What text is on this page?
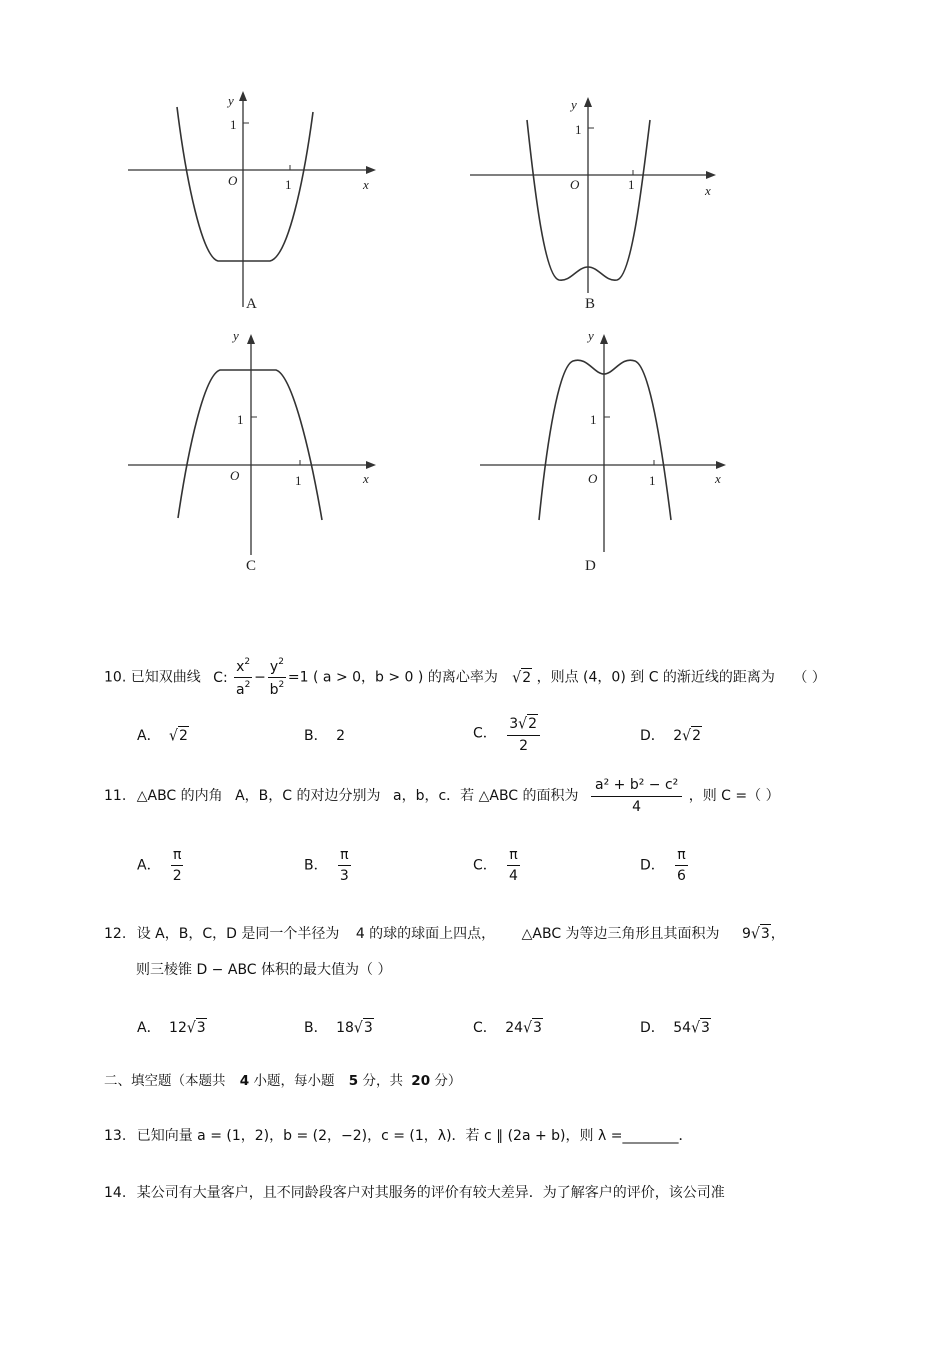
y
1
O	1	x
A
y
1
O	1	x
B
y
1
O	1	x
C
y
1
O	1	x
D
10. 已知双曲线 C: $\frac{x^2}{a^2} - \frac{y^2}{b^2} =1$ ( a > 0，b > 0 ) 的离心率为 √2 ，则点 (4，0) 到 C 的渐近线的距离为 （ ）
A． √2	B． 2	C． $\frac{3√2}{2}$	D． 2√2
11. △ABC 的内角 A，B，C 的对边分别为 a，b，c．若 △ABC 的面积为 $\frac{\text{a² + b² − c²}}{4}$ ，则 C =（ ）
A． $\frac{\pi}{2}$	B． $\frac{\pi}{3}$	C． $\frac{\pi}{4}$	D． $\frac{\pi}{6}$
12. 设 A，B，C，D 是同一个半径为 4 的球的球面上四点， △ABC 为等边三角形且其面积为 9√3，
则三棱锥 D − ABC 体积的最大值为（ ）
A． 12√3	B． 18√3	C． 24√3	D． 54√3
二、填空题（本题共 4 小题，每小题 5 分，共 20 分）
13. 已知向量 a = (1，2)，b = (2，−2)，c = (1，λ)．若 c ∥ (2a + b)，则 λ =________．
14. 某公司有大量客户，且不同龄段客户对其服务的评价有较大差异．为了解客户的评价，该公司准
